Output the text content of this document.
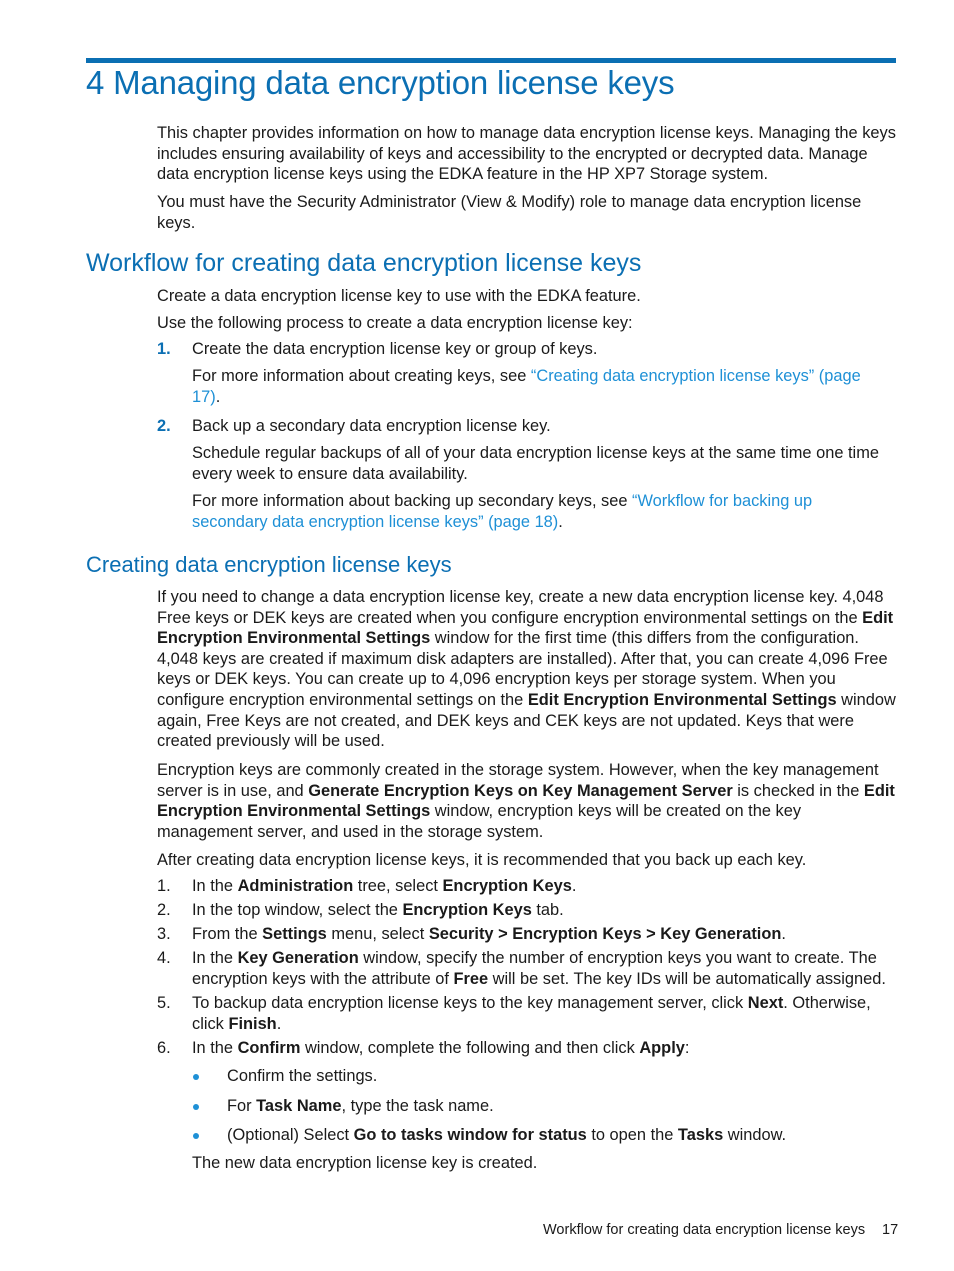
4 Managing data encryption license keys

This chapter provides information on how to manage data encryption license keys. Managing the keys includes ensuring availability of keys and accessibility to the encrypted or decrypted data. Manage data encryption license keys using the EDKA feature in the HP XP7 Storage system.

You must have the Security Administrator (View & Modify) role to manage data encryption license keys.

Workflow for creating data encryption license keys

Create a data encryption license key to use with the EDKA feature.

Use the following process to create a data encryption license key:

1. Create the data encryption license key or group of keys.
For more information about creating keys, see “Creating data encryption license keys” (page 17).
2. Back up a secondary data encryption license key.
Schedule regular backups of all of your data encryption license keys at the same time one time every week to ensure data availability.
For more information about backing up secondary keys, see “Workflow for backing up secondary data encryption license keys” (page 18).
Creating data encryption license keys

If you need to change a data encryption license key, create a new data encryption license key. 4,048 Free keys or DEK keys are created when you configure encryption environmental settings on the Edit Encryption Environmental Settings window for the first time (this differs from the configuration. 4,048 keys are created if maximum disk adapters are installed). After that, you can create 4,096 Free keys or DEK keys. You can create up to 4,096 encryption keys per storage system. When you configure encryption environmental settings on the Edit Encryption Environmental Settings window again, Free Keys are not created, and DEK keys and CEK keys are not updated. Keys that were created previously will be used.

Encryption keys are commonly created in the storage system. However, when the key management server is in use, and Generate Encryption Keys on Key Management Server is checked in the Edit Encryption Environmental Settings window, encryption keys will be created on the key management server, and used in the storage system.

After creating data encryption license keys, it is recommended that you back up each key.

1. In the Administration tree, select Encryption Keys.
2. In the top window, select the Encryption Keys tab.
3. From the Settings menu, select Security > Encryption Keys > Key Generation.
4. In the Key Generation window, specify the number of encryption keys you want to create. The encryption keys with the attribute of Free will be set. The key IDs will be automatically assigned.
5. To backup data encryption license keys to the key management server, click Next. Otherwise, click Finish.
6. In the Confirm window, complete the following and then click Apply:
Confirm the settings.
For Task Name, type the task name.
(Optional) Select Go to tasks window for status to open the Tasks window.
The new data encryption license key is created.
Workflow for creating data encryption license keys 17
